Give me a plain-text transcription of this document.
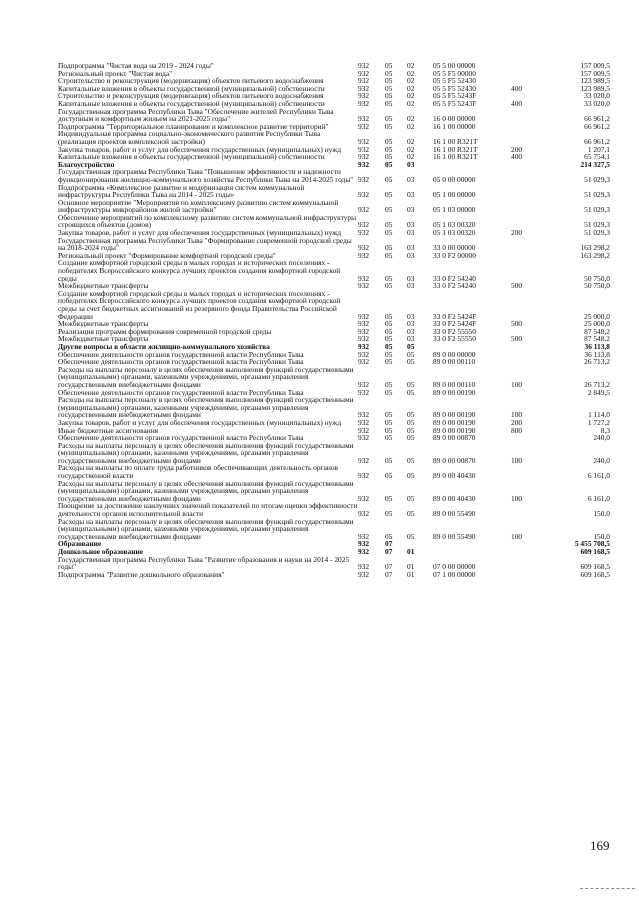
Подпрограмма "Чистая вода на 2019 - 2024 годы"	932	05	02	05 5 00 00000		157 009,5
Региональный проект "Чистая вода"	932	05	02	05 5 F5 00000		157 009,5
Строительство и реконструкция (модернизация) объектов питьевого водоснабжения	932	05	02	05 5 F5 52430		123 989,5
Капитальные вложения в объекты государственной (муниципальной) собственности	932	05	02	05 5 F5 52430	400	123 989,5
Строительство и реконструкция (модернизация) объектов питьевого водоснабжения	932	05	02	05 5 F5 5243F		33 020,0
Капитальные вложения в объекты государственной (муниципальной) собственности	932	05	02	05 5 F5 5243F	400	33 020,0
Государственная программа Республики Тыва "Обеспечение жителей Республики Тыва доступным и комфортным жильем на 2021-2025 годы"	932	05	02	16 0 00 00000		66 961,2
Подпрограмма "Территориальное планирование и комплексное развитие территорий"	932	05	02	16 1 00 00000		66 961,2
Индивидуальная программа социально-экономического развития Республики Тыва (реализация проектов комплексной застройки)	932	05	02	16 1 00 R321T		66 961,2
Закупка товаров, работ и услуг для обеспечения государственных (муниципальных) нужд	932	05	02	16 1 00 R321T	200	1 207,1
Капитальные вложения в объекты государственной (муниципальной) собственности	932	05	02	16 1 00 R321T	400	65 754,1
Благоустройство	932	05	03			214 327,5
Государственная программа Республики Тыва "Повышение эффективности и надежности функционирования жилищно-коммунального хозяйства Республики Тыва на 2014-2025 годы"	932	05	03	05 0 00 00000		51 029,3
Подпрограмма «Комплексное развитие и модернизация систем коммунальной инфраструктуры Республики Тыва на 2014 - 2025 годы»	932	05	03	05 1 00 00000		51 029,3
Основное мероприятие "Мероприятия по комплексному развитию систем коммунальной инфраструктуры микрорайонов жилой застройки"	932	05	03	05 1 03 00000		51 029,3
Обеспечение мероприятий по комплексному развитию систем коммунальной инфраструктуры строящихся объектов (домов)	932	05	03	05 1 03 00320		51 029,3
Закупка товаров, работ и услуг для обеспечения государственных (муниципальных) нужд	932	05	03	05 1 03 00320	200	51 029,3
Государственная программа Республики Тыва "Формирование современной городской среды на 2018-2024 годы"	932	05	03	33 0 00 00000		163 298,2
Региональный проект "Формирование комфортной городской среды"	932	05	03	33 0 F2 00000		163 298,2
Создание комфортной городской среды в малых городах и исторических поселениях - победителях Всероссийского конкурса лучших проектов создания комфортной городской среды	932	05	03	33 0 F2 54240		50 750,0
Межбюджетные трансферты	932	05	03	33 0 F2 54240	500	50 750,0
Создание комфортной городской среды в малых городах и исторических поселениях - победителях Всероссийского конкурса лучших проектов создания комфортной городской среды за счет бюджетных ассигнований из резервного фонда Правительства Российской Федерации	932	05	03	33 0 F2 5424F		25 000,0
Межбюджетные трансферты	932	05	03	33 0 F2 5424F	500	25 000,0
Реализация программ формирования современной городской среды	932	05	03	33 0 F2 55550		87 548,2
Межбюджетные трансферты	932	05	03	33 0 F2 55550	500	87 548,2
Другие вопросы в области жилищно-коммунального хозяйства	932	05	05			36 113,8
Обеспечение деятельности органов государственной власти Республики Тыва	932	05	05	89 0 00 00000		36 113,8
Обеспечение деятельности органов государственной власти Республики Тыва	932	05	05	89 0 00 00110		26 713,2
Расходы на выплаты персоналу в целях обеспечения выполнения функций государственными (муниципальными) органами, казенными учреждениями, органами управления государственными внебюджетными фондами	932	05	05	89 0 00 00110	100	26 713,2
Обеспечение деятельности органов государственной власти Республики Тыва	932	05	05	89 0 00 00190		2 849,5
Расходы на выплаты персоналу в целях обеспечения выполнения функций государственными (муниципальными) органами, казенными учреждениями, органами управления государственными внебюджетными фондами	932	05	05	89 0 00 00190	100	1 114,0
Закупка товаров, работ и услуг для обеспечения государственных (муниципальных) нужд	932	05	05	89 0 00 00190	200	1 727,2
Иные бюджетные ассигнования	932	05	05	89 0 00 00190	800	8,3
Обеспечение деятельности органов государственной власти Республики Тыва	932	05	05	89 0 00 00870		240,0
Расходы на выплаты персоналу в целях обеспечения выполнения функций государственными (муниципальными) органами, казенными учреждениями, органами управления государственными внебюджетными фондами	932	05	05	89 0 00 00870	100	240,0
Расходы на выплаты по оплате труда работников обеспечивающих деятельность органов государственной власти	932	05	05	89 0 00 40430		6 161,0
Расходы на выплаты персоналу в целях обеспечения выполнения функций государственными (муниципальными) органами, казенными учреждениями, органами управления государственными внебюджетными фондами	932	05	05	89 0 00 40430	100	6 161,0
Поощрение за достижение наилучших значений показателей по итогам оценки эффективности деятельности органов исполнительной власти	932	05	05	89 0 00 55490		150,0
Расходы на выплаты персоналу в целях обеспечения выполнения функций государственными (муниципальными) органами, казенными учреждениями, органами управления государственными внебюджетными фондами	932	05	05	89 0 00 55490	100	150,0
Образование	932	07				5 455 708,5
Дошкольное образование	932	07	01			609 168,5
Государственная программа Республики Тыва "Развитие образования и науки на 2014 - 2025 годы"	932	07	01	07 0 00 00000		609 168,5
Подпрограмма "Развитие дошкольного образования"	932	07	01	07 1 00 00000		609 168,5
169
